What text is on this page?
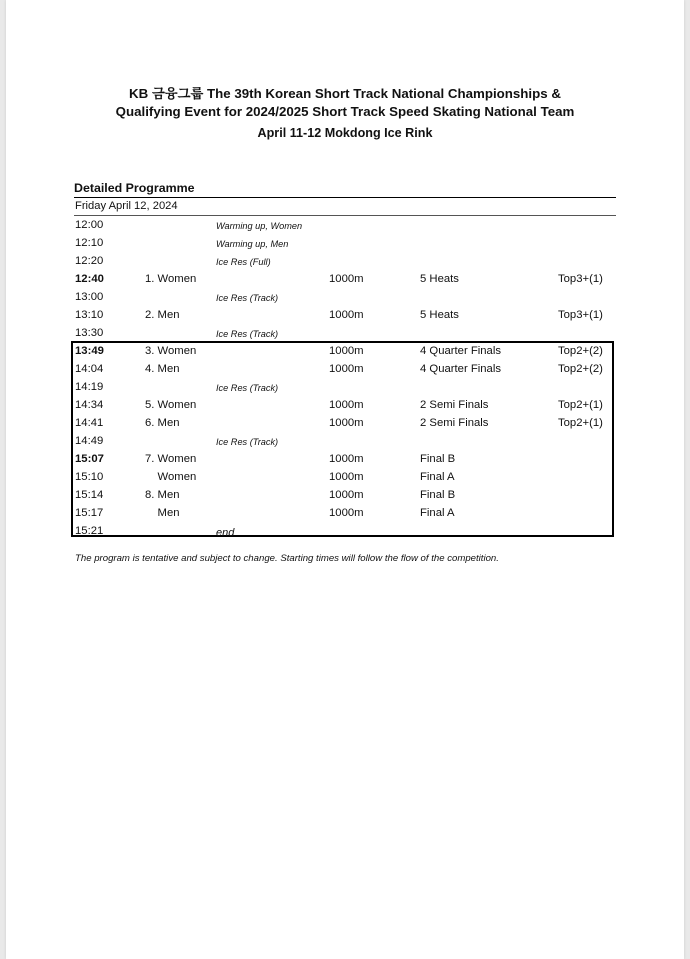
KB 금융그룹 The 39th Korean Short Track National Championships &
Qualifying Event for 2024/2025 Short Track Speed Skating National Team
April 11-12 Mokdong Ice Rink
Detailed Programme
Friday April 12, 2024
12:00	Warming up, Women
12:10	Warming up, Men
12:20	Ice Res (Full)
12:40	1. Women	1000m	5 Heats	Top3+(1)
13:00	Ice Res (Track)
13:10	2. Men	1000m	5 Heats	Top3+(1)
13:30	Ice Res (Track)
13:49	3. Women	1000m	4 Quarter Finals	Top2+(2)
14:04	4. Men	1000m	4 Quarter Finals	Top2+(2)
14:19	Ice Res (Track)
14:34	5. Women	1000m	2 Semi Finals	Top2+(1)
14:41	6. Men	1000m	2 Semi Finals	Top2+(1)
14:49	Ice Res (Track)
15:07	7. Women	1000m	Final B
15:10	Women	1000m	Final A
15:14	8. Men	1000m	Final B
15:17	Men	1000m	Final A
15:21	end
The program is tentative and subject to change. Starting times will follow the flow of the competition.
